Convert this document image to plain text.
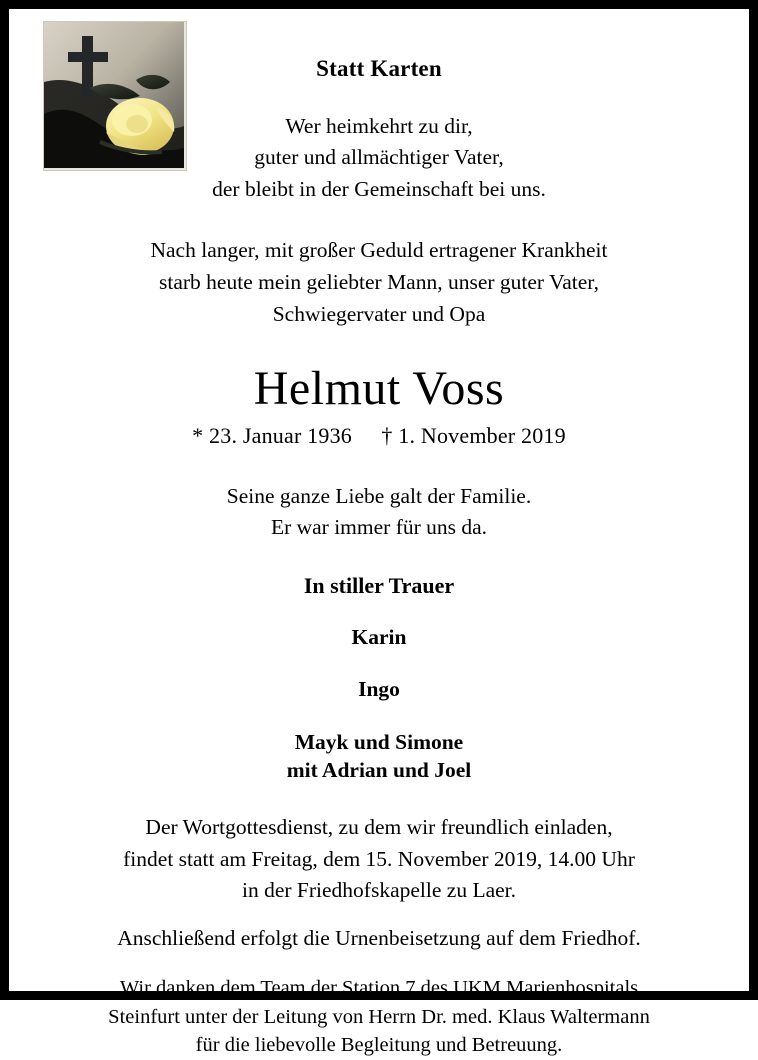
Statt Karten
Wer heimkehrt zu dir,
guter und allmächtiger Vater,
der bleibt in der Gemeinschaft bei uns.
Nach langer, mit großer Geduld ertragener Krankheit
starb heute mein geliebter Mann, unser guter Vater,
Schwiegervater und Opa
Helmut Voss
* 23. Januar 1936 † 1. November 2019
Seine ganze Liebe galt der Familie.
Er war immer für uns da.
In stiller Trauer
Karin
Ingo
Mayk und Simone
mit Adrian und Joel
Der Wortgottesdienst, zu dem wir freundlich einladen,
findet statt am Freitag, dem 15. November 2019, 14.00 Uhr
in der Friedhofskapelle zu Laer.
Anschließend erfolgt die Urnenbeisetzung auf dem Friedhof.
Wir danken dem Team der Station 7 des UKM Marienhospitals
Steinfurt unter der Leitung von Herrn Dr. med. Klaus Waltermann
für die liebevolle Begleitung und Betreuung.
